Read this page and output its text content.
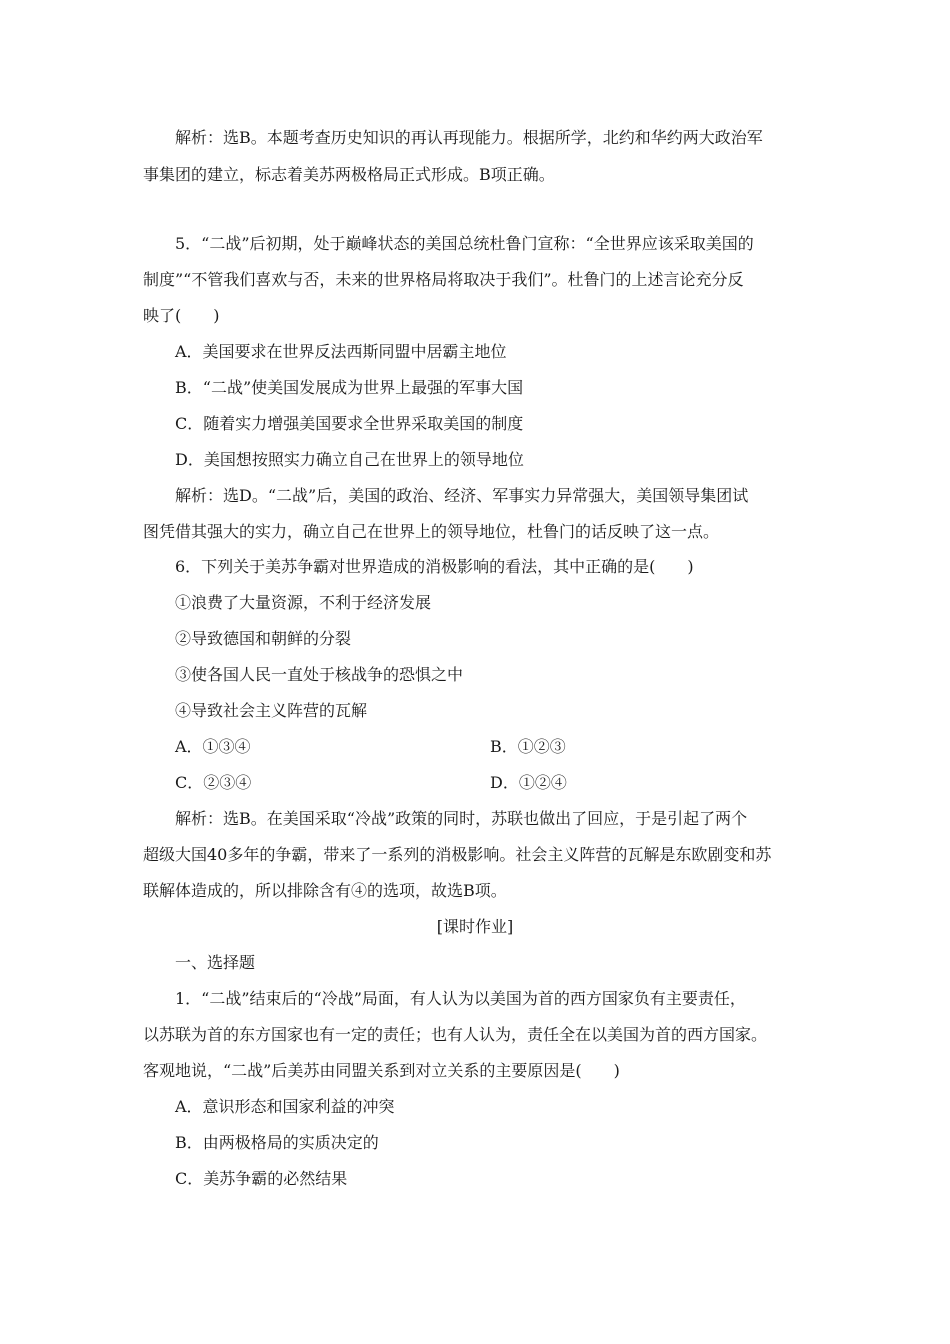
解析：选B。本题考查历史知识的再认再现能力。根据所学，北约和华约两大政治军
事集团的建立，标志着美苏两极格局正式形成。B项正确。
5．“二战”后初期，处于巅峰状态的美国总统杜鲁门宣称：“全世界应该采取美国的
制度”“不管我们喜欢与否，未来的世界格局将取决于我们”。杜鲁门的上述言论充分反
映了(　　)
A．美国要求在世界反法西斯同盟中居霸主地位
B．“二战”使美国发展成为世界上最强的军事大国
C．随着实力增强美国要求全世界采取美国的制度
D．美国想按照实力确立自己在世界上的领导地位
解析：选D。“二战”后，美国的政治、经济、军事实力异常强大，美国领导集团试
图凭借其强大的实力，确立自己在世界上的领导地位，杜鲁门的话反映了这一点。
6．下列关于美苏争霸对世界造成的消极影响的看法，其中正确的是(　　)
①浪费了大量资源，不利于经济发展
②导致德国和朝鲜的分裂
③使各国人民一直处于核战争的恐惧之中
④导致社会主义阵营的瓦解
A．①③④	B．①②③
C．②③④	D．①②④
解析：选B。在美国采取“冷战”政策的同时，苏联也做出了回应，于是引起了两个
超级大国40多年的争霸，带来了一系列的消极影响。社会主义阵营的瓦解是东欧剧变和苏
联解体造成的，所以排除含有④的选项，故选B项。
[课时作业]
一、选择题
1．“二战”结束后的“冷战”局面，有人认为以美国为首的西方国家负有主要责任，
以苏联为首的东方国家也有一定的责任；也有人认为，责任全在以美国为首的西方国家。
客观地说，“二战”后美苏由同盟关系到对立关系的主要原因是(　　)
A．意识形态和国家利益的冲突
B．由两极格局的实质决定的
C．美苏争霸的必然结果
